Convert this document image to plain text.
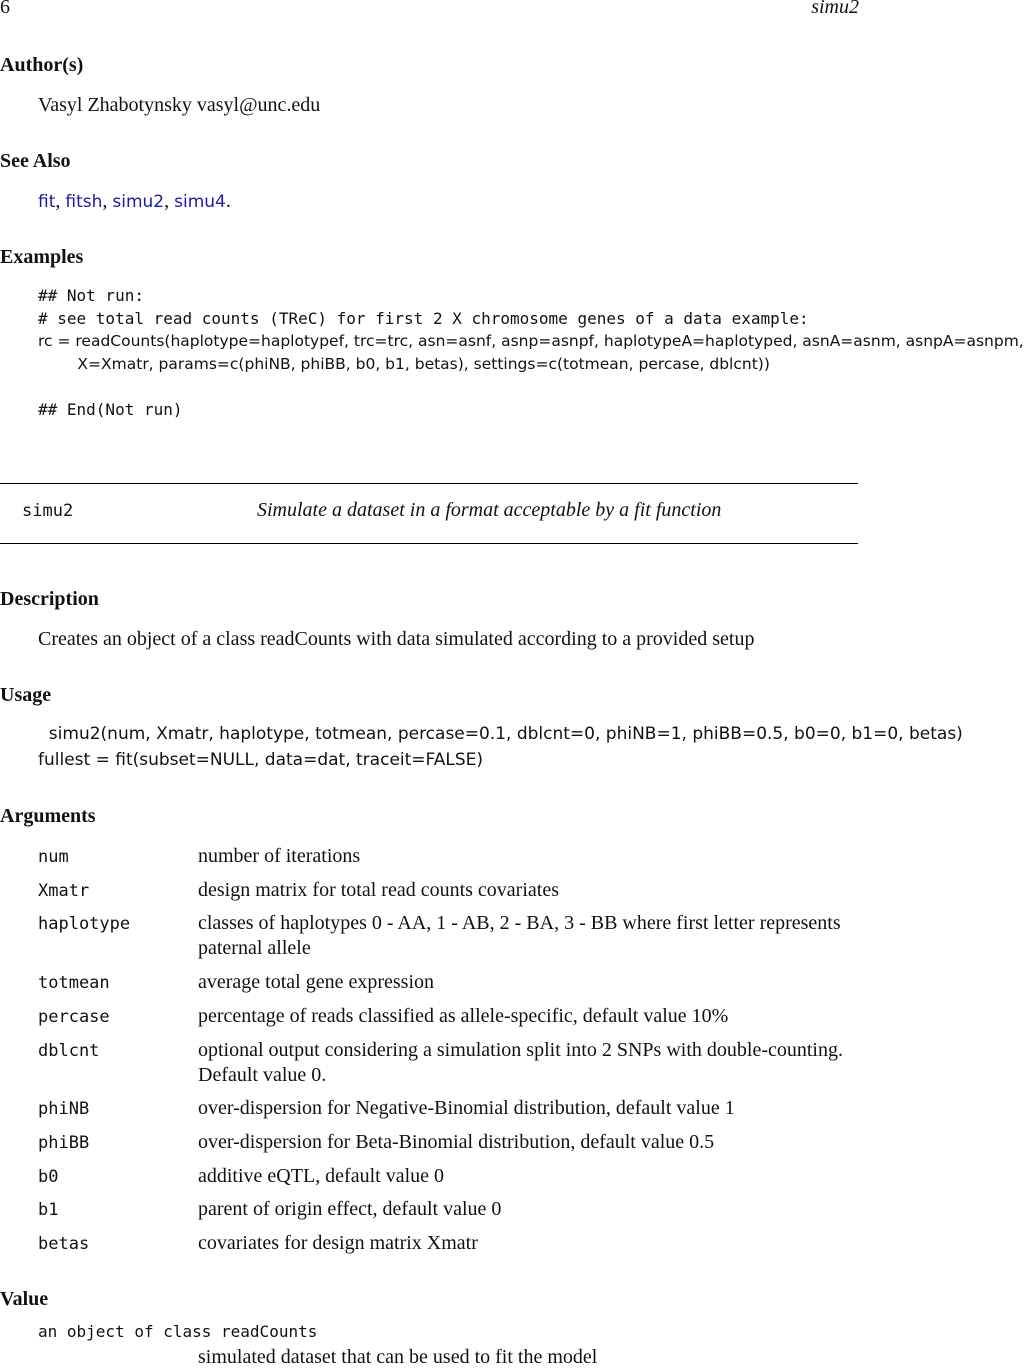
6	simu2
Author(s)
Vasyl Zhabotynsky vasyl@unc.edu
See Also
fit, fitsh, simu2, simu4.
Examples
## Not run:
# see total read counts (TReC) for first 2 X chromosome genes of a data example:
rc = readCounts(haplotype=haplotypef, trc=trc, asn=asnf, asnp=asnpf, haplotypeA=haplotyped, asnA=asnm, asnpA=asnpm,
X=Xmatr, params=c(phiNB, phiBB, b0, b1, betas), settings=c(totmean, percase, dblcnt))
## End(Not run)
simu2	Simulate a dataset in a format acceptable by a fit function
Description
Creates an object of a class readCounts with data simulated according to a provided setup
Usage
simu2(num, Xmatr, haplotype, totmean, percase=0.1, dblcnt=0, phiNB=1, phiBB=0.5, b0=0, b1=0, betas)
fullest = fit(subset=NULL, data=dat, traceit=FALSE)
Arguments
num	number of iterations
Xmatr	design matrix for total read counts covariates
haplotype	classes of haplotypes 0 - AA, 1 - AB, 2 - BA, 3 - BB where first letter represents paternal allele
totmean	average total gene expression
percase	percentage of reads classified as allele-specific, default value 10%
dblcnt	optional output considering a simulation split into 2 SNPs with double-counting. Default value 0.
phiNB	over-dispersion for Negative-Binomial distribution, default value 1
phiBB	over-dispersion for Beta-Binomial distribution, default value 0.5
b0	additive eQTL, default value 0
b1	parent of origin effect, default value 0
betas	covariates for design matrix Xmatr
Value
an object of class readCounts
simulated dataset that can be used to fit the model
